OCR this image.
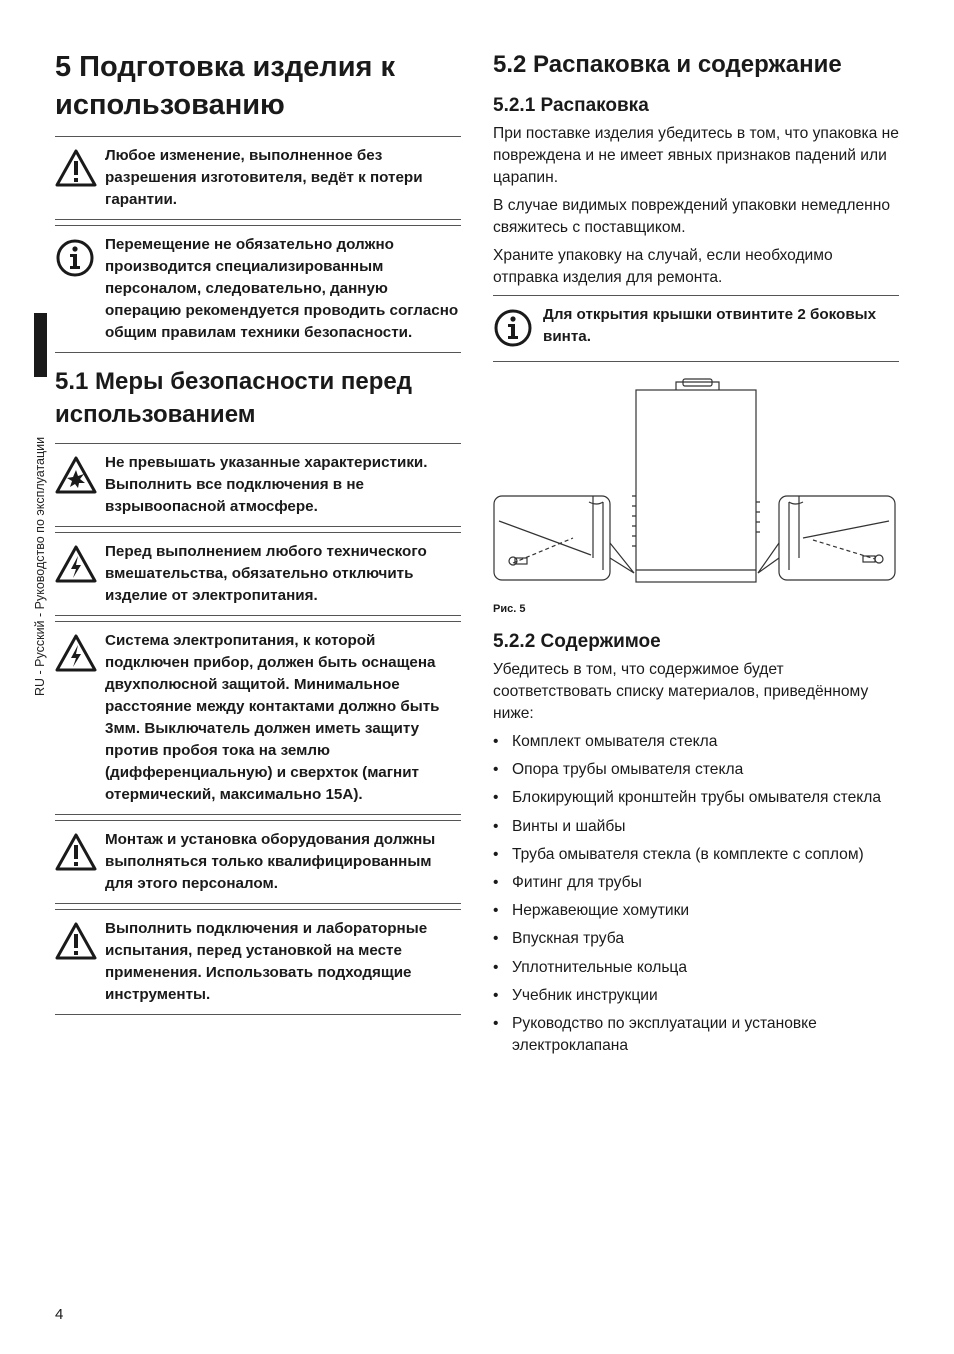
RU - Русский - Руководство по эксплуатации
5 Подготовка изделия к использованию
Любое изменение, выполненное без разрешения изготовителя, ведёт к потери гарантии.
Перемещение не обязательно должно производится специализированным персоналом, следовательно, данную операцию рекомендуется проводить согласно общим правилам техники безопасности.
5.1 Меры безопасности перед использованием
Не превышать указанные характеристики. Выполнить все подключения в не взрывоопасной атмосфере.
Перед выполнением любого технического вмешательства, обязательно отключить изделие от электропитания.
Система электропитания, к которой подключен прибор, должен быть оснащена двухполюсной защитой. Минимальное расстояние между контактами должно быть 3мм. Выключатель должен иметь защиту против пробоя тока на землю (дифференциальную) и сверхток (магнит отермический, максимально 15А).
Монтаж и установка оборудования должны выполняться только квалифицированным для этого персоналом.
Выполнить подключения и лабораторные испытания, перед установкой на месте применения. Использовать подходящие инструменты.
5.2 Распаковка и содержание
5.2.1 Распаковка

При поставке изделия убедитесь в том, что упаковка не повреждена и не имеет явных признаков падений или царапин.

В случае видимых повреждений упаковки немедленно свяжитесь с поставщиком.

Храните упаковку на случай, если необходимо отправка изделия для ремонта.

Для открытия крышки отвинтите 2 боковых винта.

Рис. 5

5.2.2 Содержимое

Убедитесь в том, что содержимое будет соответствовать списку материалов, приведённому ниже:

• Комплект омывателя стекла
• Опора трубы омывателя стекла
• Блокирующий кронштейн трубы омывателя стекла
• Винты и шайбы
• Труба омывателя стекла (в комплекте с соплом)
• Фитинг для трубы
• Нержавеющие хомутики
• Впускная труба
• Уплотнительные кольца
• Учебник инструкции
• Руководство по эксплуатации и установке электроклапана
4
